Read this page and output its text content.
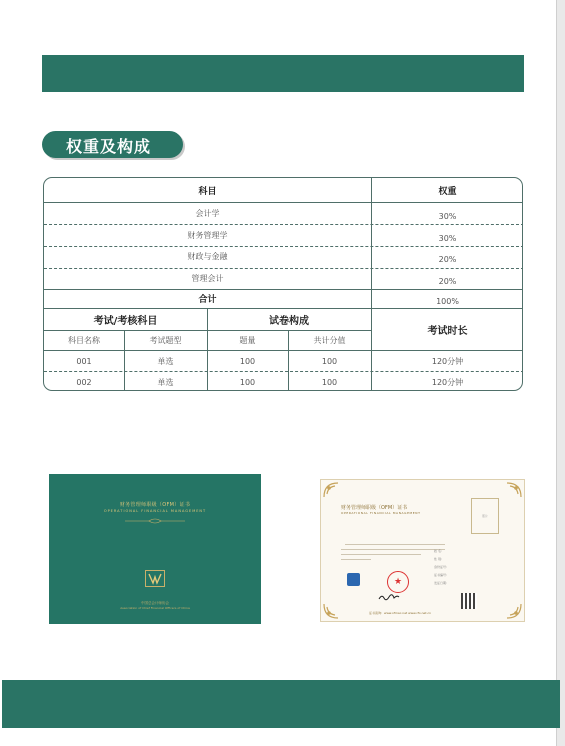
权重及构成
科目	权重
会计学	30%
财务管理学	30%
财政与金融	20%
管理会计	20%
合计	100%
考试/考核科目	试卷构成
考试时长
科目名称	考试题型	题量	共计分值
001	单选	100	100	120分钟
002	单选	100	100	120分钟
财务管理师职级（OFM）证书
OPERATIONAL FINANCIAL MANAGEMENT
中国总会计师协会
Association of Chief Financial Officers of China
财务管理师职级（OFM）证书
OPERATIONAL FINANCIAL MANAGEMENT
照片
姓 名：
性 别：
身份证号：
证书编号：
发证日期：
★
证书查询：www.ofmac.net www.cfo.net.cn
